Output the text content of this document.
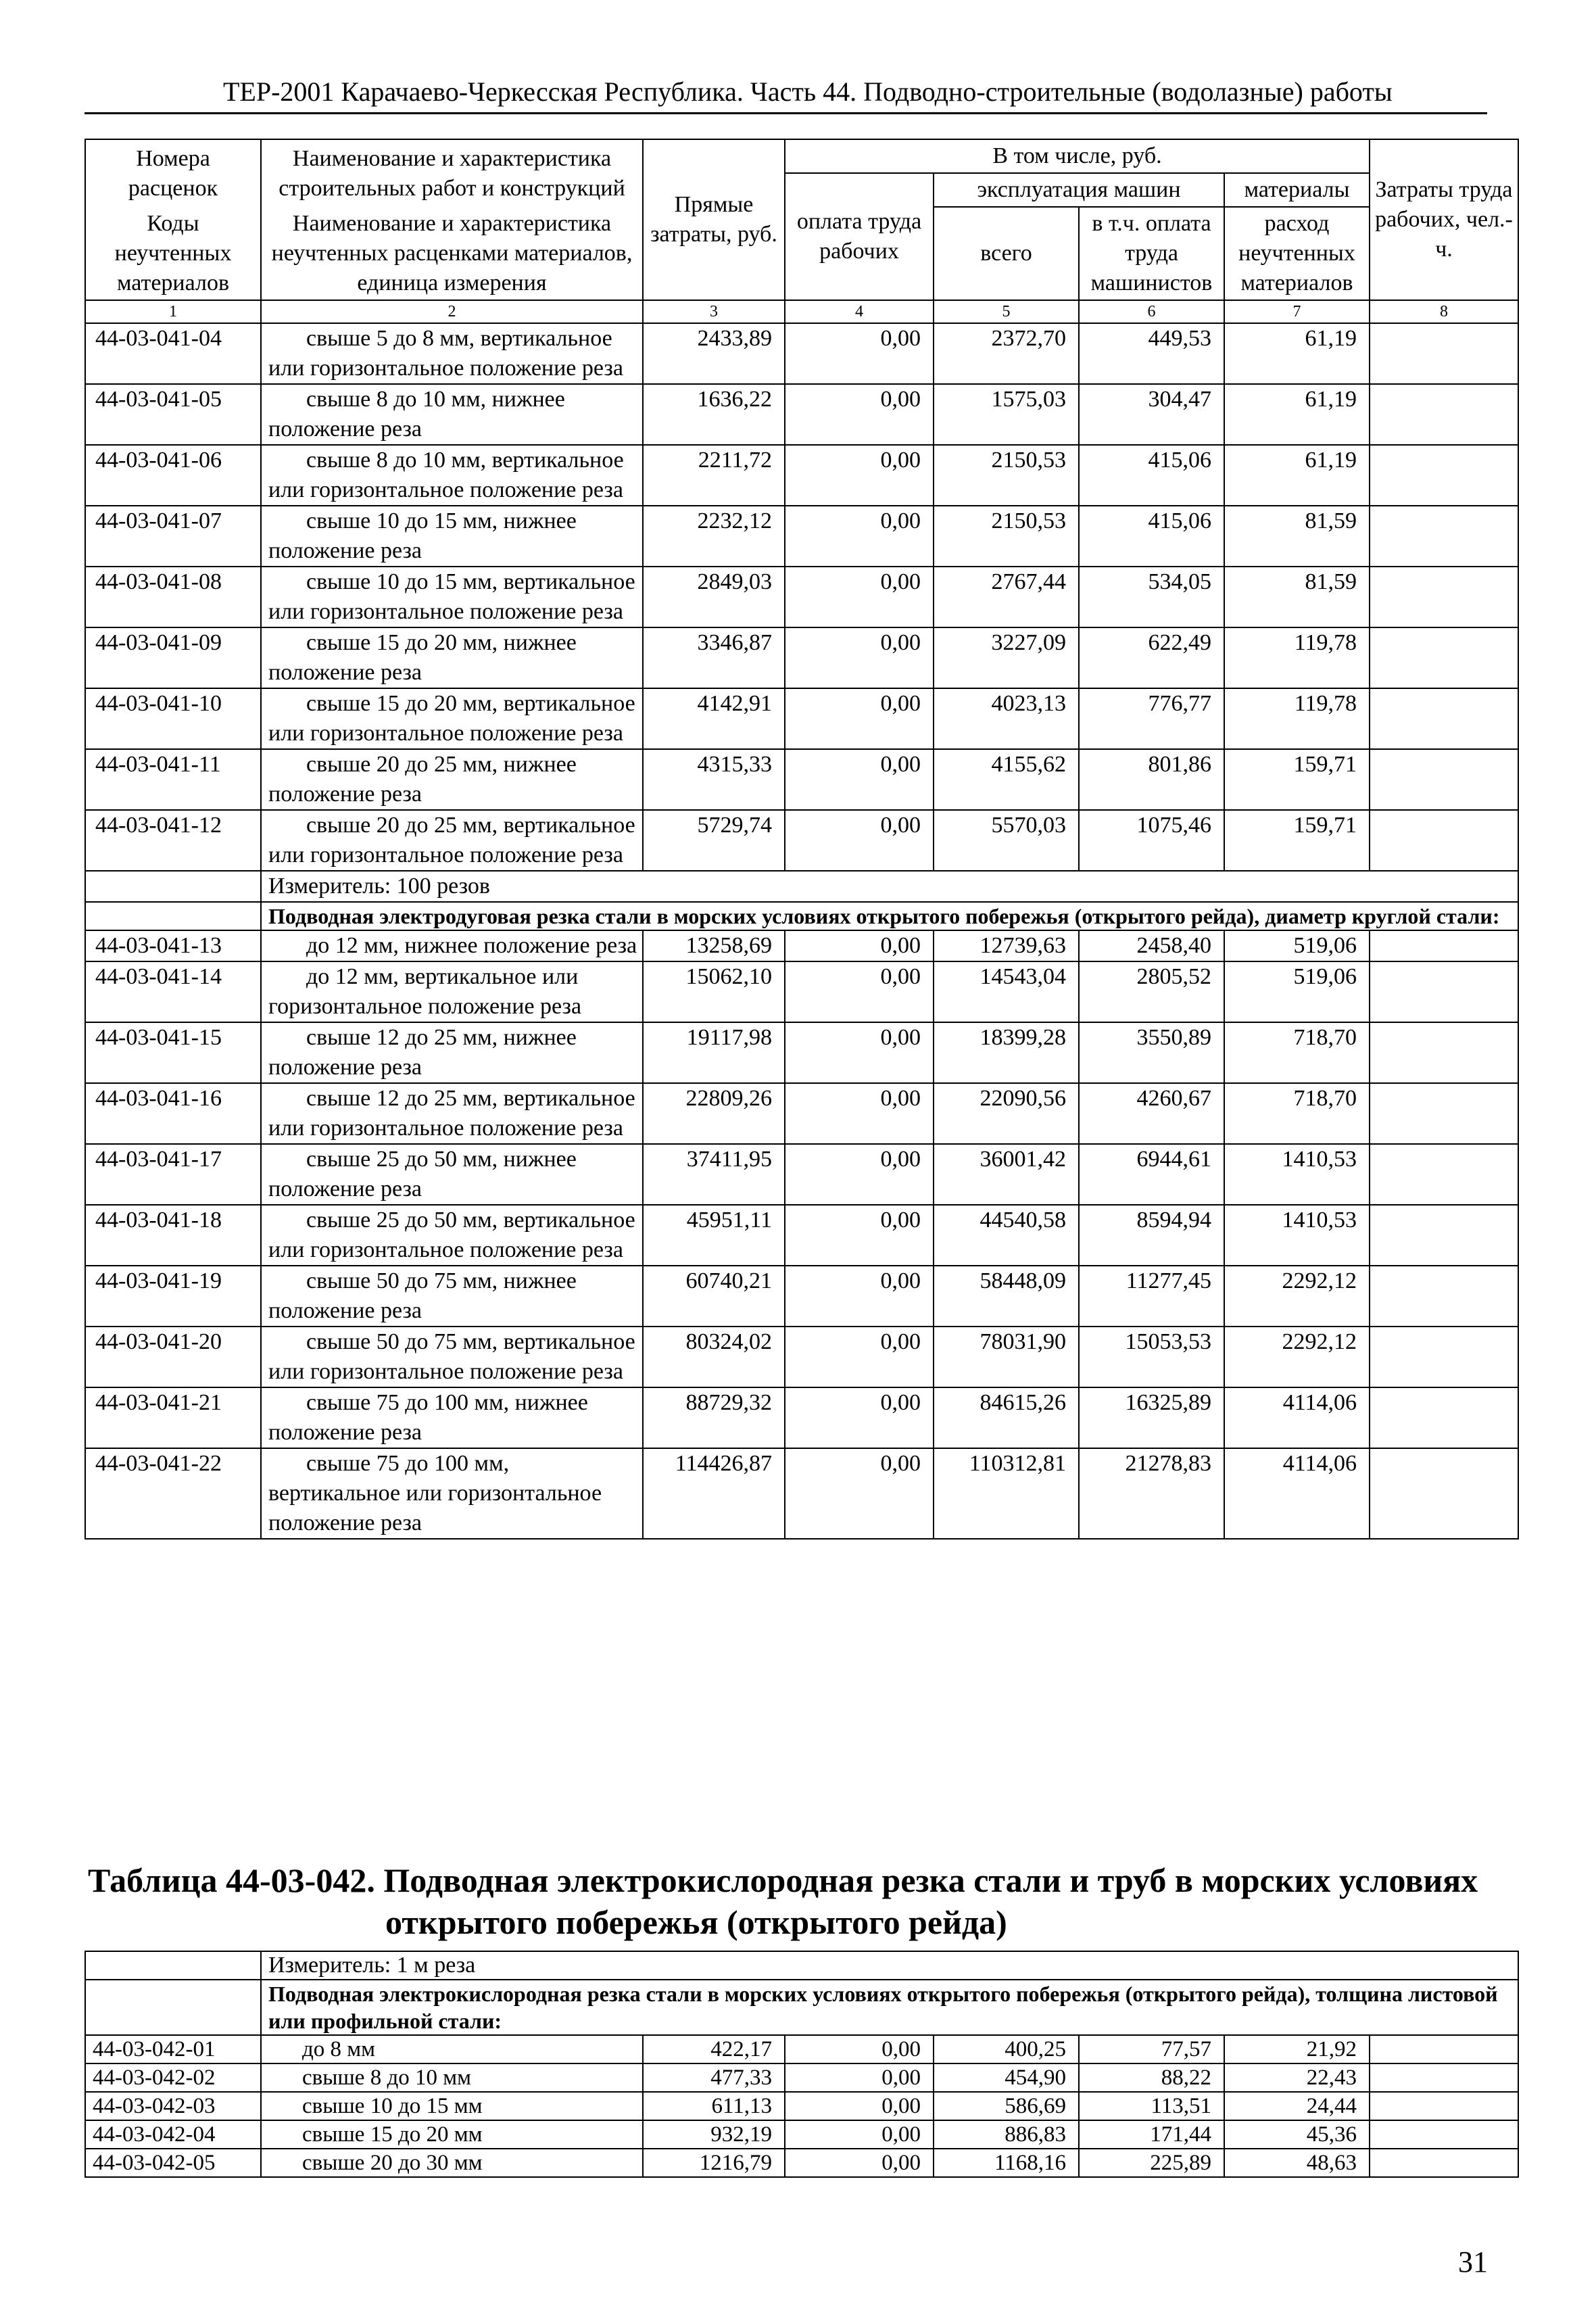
ТЕР-2001 Карачаево-Черкесская Республика. Часть 44. Подводно-строительные (водолазные) работы
Номера расценок	Наименование и характеристика строительных работ и конструкций	Прямые затраты, руб.	В том числе, руб.				Затраты труда рабочих, чел.-ч.
			оплата труда рабочих	эксплуатация машин		материалы	
Коды неучтенных материалов	Наименование и характеристика неучтенных расценками материалов, единица измерения			всего	в т.ч. оплата труда машинистов	расход неучтенных материалов	

1	2	3	4	5	6	7	8
44-03-041-04	свыше 5 до 8 мм, вертикальное или горизонтальное положение реза	2433,89	0,00	2372,70	449,53	61,19	
44-03-041-05	свыше 8 до 10 мм, нижнее положение реза	1636,22	0,00	1575,03	304,47	61,19	
44-03-041-06	свыше 8 до 10 мм, вертикальное или горизонтальное положение реза	2211,72	0,00	2150,53	415,06	61,19	
44-03-041-07	свыше 10 до 15 мм, нижнее положение реза	2232,12	0,00	2150,53	415,06	81,59	
44-03-041-08	свыше 10 до 15 мм, вертикальное или горизонтальное положение реза	2849,03	0,00	2767,44	534,05	81,59	
44-03-041-09	свыше 15 до 20 мм, нижнее положение реза	3346,87	0,00	3227,09	622,49	119,78	
44-03-041-10	свыше 15 до 20 мм, вертикальное или горизонтальное положение реза	4142,91	0,00	4023,13	776,77	119,78	
44-03-041-11	свыше 20 до 25 мм, нижнее положение реза	4315,33	0,00	4155,62	801,86	159,71	
44-03-041-12	свыше 20 до 25 мм, вертикальное или горизонтальное положение реза	5729,74	0,00	5570,03	1075,46	159,71	
	Измеритель: 100 резов						
	Подводная электродуговая резка стали в морских условиях открытого побережья (открытого рейда), диаметр круглой стали:						
44-03-041-13	до 12 мм, нижнее положение реза	13258,69	0,00	12739,63	2458,40	519,06	
44-03-041-14	до 12 мм, вертикальное или горизонтальное положение реза	15062,10	0,00	14543,04	2805,52	519,06	
44-03-041-15	свыше 12 до 25 мм, нижнее положение реза	19117,98	0,00	18399,28	3550,89	718,70	
44-03-041-16	свыше 12 до 25 мм, вертикальное или горизонтальное положение реза	22809,26	0,00	22090,56	4260,67	718,70	
44-03-041-17	свыше 25 до 50 мм, нижнее положение реза	37411,95	0,00	36001,42	6944,61	1410,53	
44-03-041-18	свыше 25 до 50 мм, вертикальное или горизонтальное положение реза	45951,11	0,00	44540,58	8594,94	1410,53	
44-03-041-19	свыше 50 до 75 мм, нижнее положение реза	60740,21	0,00	58448,09	11277,45	2292,12	
44-03-041-20	свыше 50 до 75 мм, вертикальное или горизонтальное положение реза	80324,02	0,00	78031,90	15053,53	2292,12	
44-03-041-21	свыше 75 до 100 мм, нижнее положение реза	88729,32	0,00	84615,26	16325,89	4114,06	
44-03-041-22	свыше 75 до 100 мм, вертикальное или горизонтальное положение реза	114426,87	0,00	110312,81	21278,83	4114,06	
Таблица 44-03-042. Подводная электрокислородная резка стали и труб в морских условиях
открытого побережья (открытого рейда)
	Измеритель: 1 м реза						
	Подводная электрокислородная резка стали в морских условиях открытого побережья (открытого рейда), толщина листовой или профильной стали:						
44-03-042-01	до 8 мм	422,17	0,00	400,25	77,57	21,92	
44-03-042-02	свыше 8 до 10 мм	477,33	0,00	454,90	88,22	22,43	
44-03-042-03	свыше 10 до 15 мм	611,13	0,00	586,69	113,51	24,44	
44-03-042-04	свыше 15 до 20 мм	932,19	0,00	886,83	171,44	45,36	
44-03-042-05	свыше 20 до 30 мм	1216,79	0,00	1168,16	225,89	48,63	
31
